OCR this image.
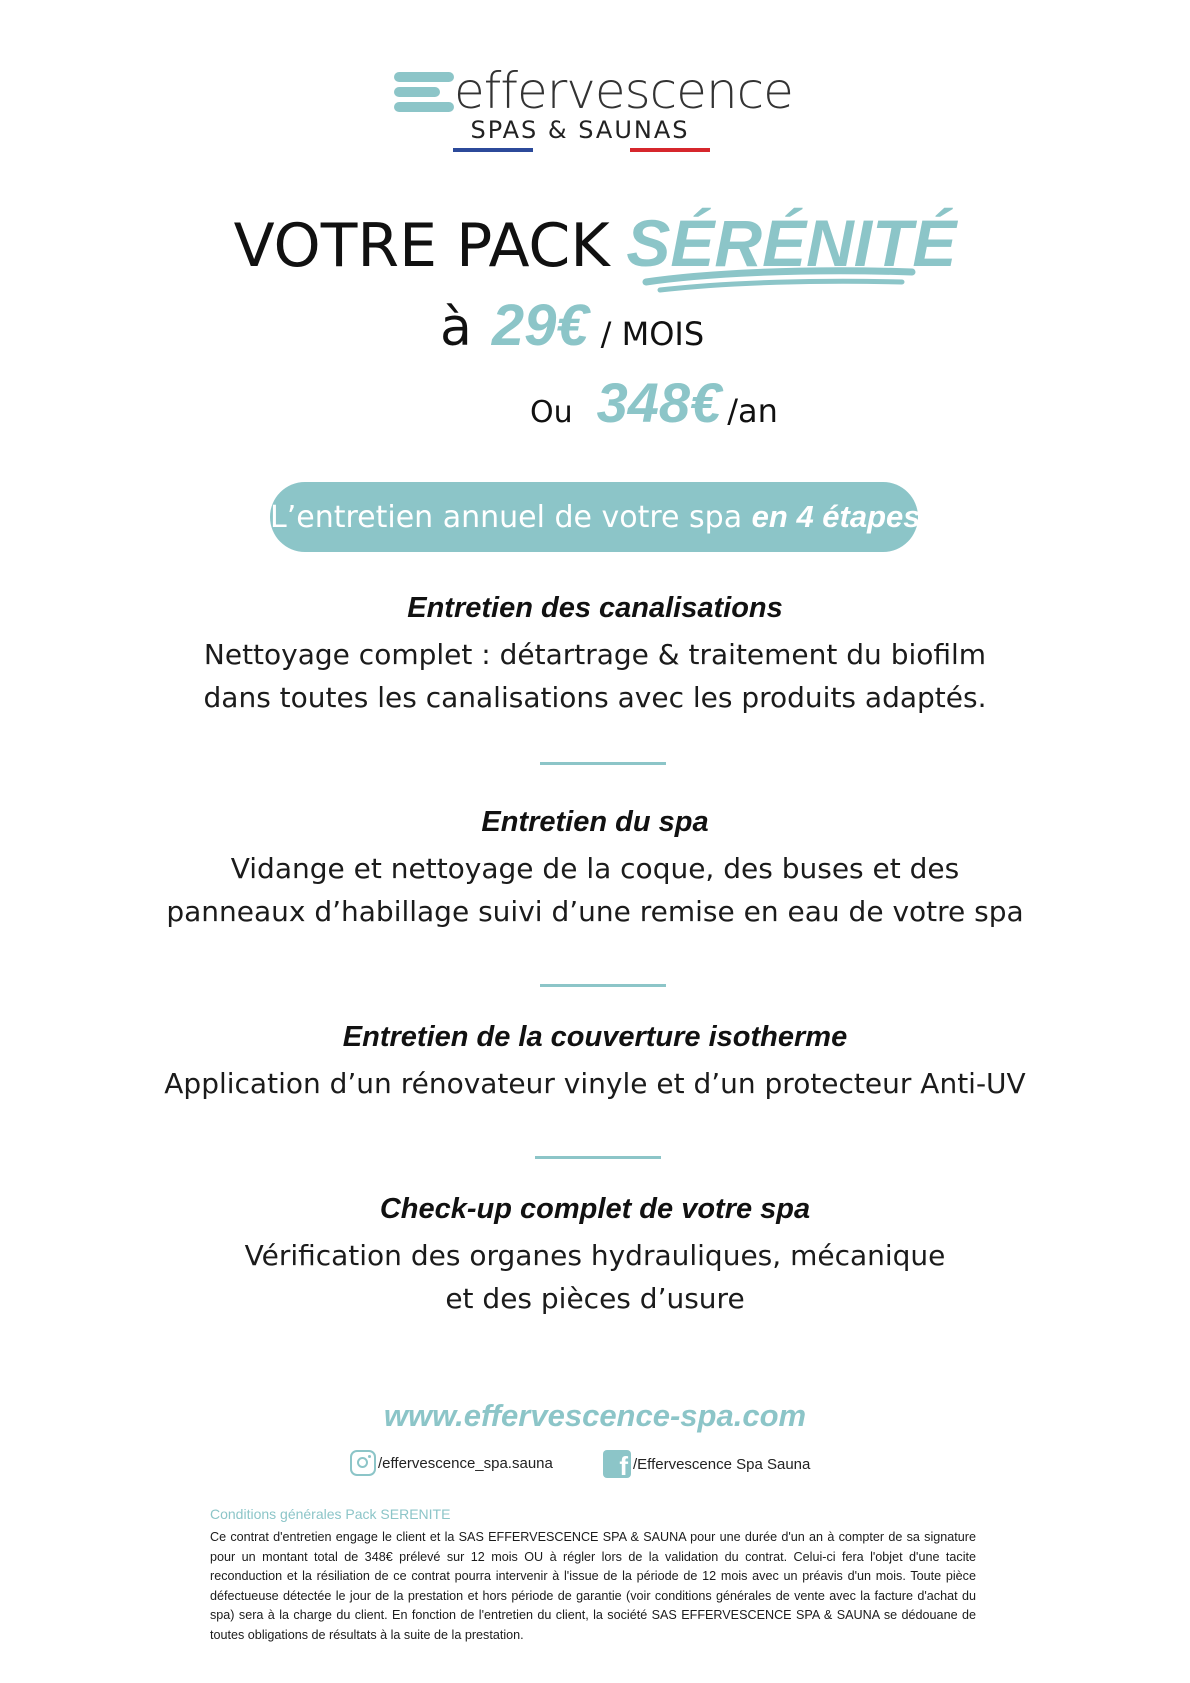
effervescence
SPAS & SAUNAS
VOTRE PACK SÉRÉNITÉ
à 29€ / MOIS
Ou 348€ /an
L’entretien annuel de votre spa en 4 étapes
Entretien des canalisations
Nettoyage complet : détartrage & traitement du biofilm
dans toutes les canalisations avec les produits adaptés.
Entretien du spa
Vidange et nettoyage de la coque, des buses et des
panneaux d’habillage suivi d’une remise en eau de votre spa
Entretien de la couverture isotherme
Application d’un rénovateur vinyle et d’un protecteur Anti-UV
Check-up complet de votre spa
Vérification des organes hydrauliques, mécanique
et des pièces d’usure
www.effervescence-spa.com
/effervescence_spa.sauna	f /Effervescence Spa Sauna
Conditions générales Pack SERENITE
Ce contrat d'entretien engage le client et la SAS EFFERVESCENCE SPA & SAUNA pour une durée d'un an à compter de sa signature pour un montant total de 348€ prélevé sur 12 mois OU à régler lors de la validation du contrat. Celui-ci fera l'objet d'une tacite reconduction et la résiliation de ce contrat pourra intervenir à l'issue de la période de 12 mois avec un préavis d'un mois. Toute pièce défectueuse détectée le jour de la prestation et hors période de garantie (voir conditions générales de vente avec la facture d'achat du spa) sera à la charge du client. En fonction de l'entretien du client, la société SAS EFFERVESCENCE SPA & SAUNA se dédouane de toutes obligations de résultats à la suite de la prestation.
